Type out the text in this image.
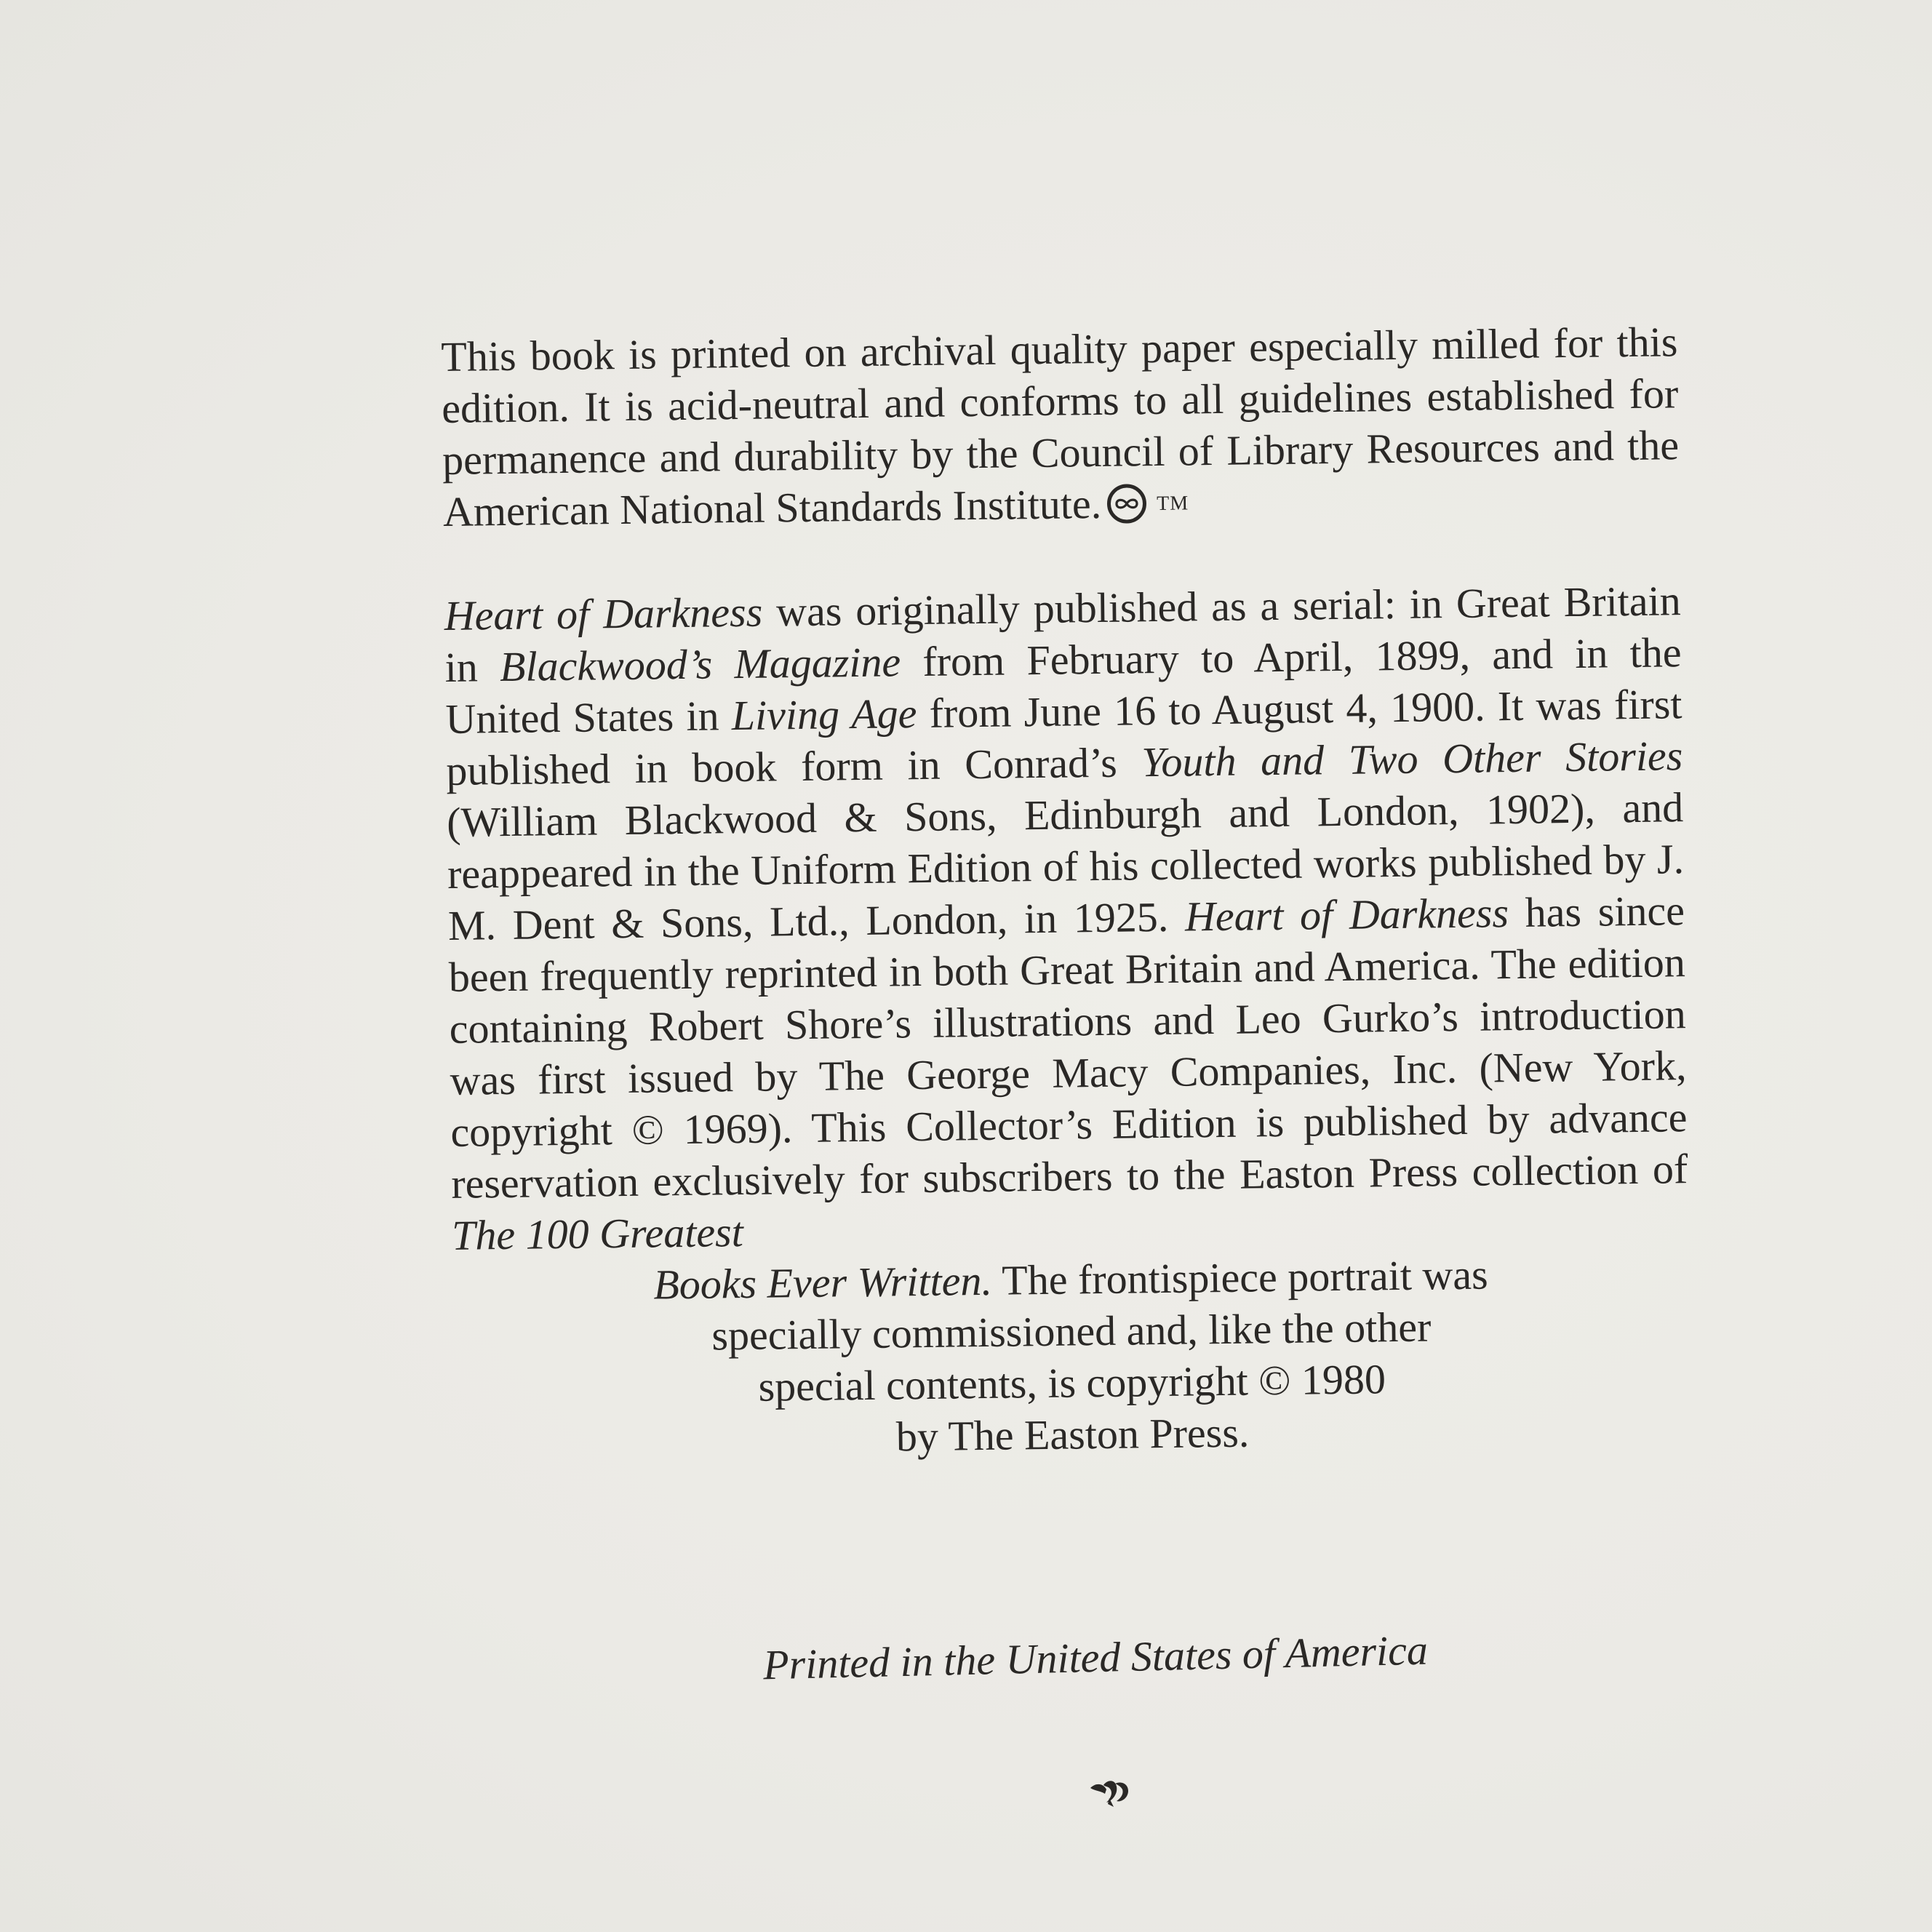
This book is printed on archival quality paper especially milled for this edition. It is acid-neutral and conforms to all guidelines established for permanence and durability by the Council of Library Resources and the American National Standards Institute.	TM

Heart of Darkness was originally published as a serial: in Great Britain in Blackwood’s Magazine from February to April, 1899, and in the United States in Living Age from June 16 to August 4, 1900. It was first published in book form in Conrad’s Youth and Two Other Stories (William Blackwood & Sons, Edinburgh and London, 1902), and reappeared in the Uniform Edition of his collected works published by J. M. Dent & Sons, Ltd., London, in 1925. Heart of Darkness has since been frequently reprinted in both Great Britain and America. The edition containing Robert Shore’s illustrations and Leo Gurko’s introduction was first issued by The George Macy Companies, Inc. (New York, copyright © 1969). This Collector’s Edition is published by advance reservation exclusively for subscribers to the Easton Press collection of The 100 Greatest

Books Ever Written. The frontispiece portrait was
specially commissioned and, like the other
special contents, is copyright © 1980
by The Easton Press.

Printed in the United States of America
